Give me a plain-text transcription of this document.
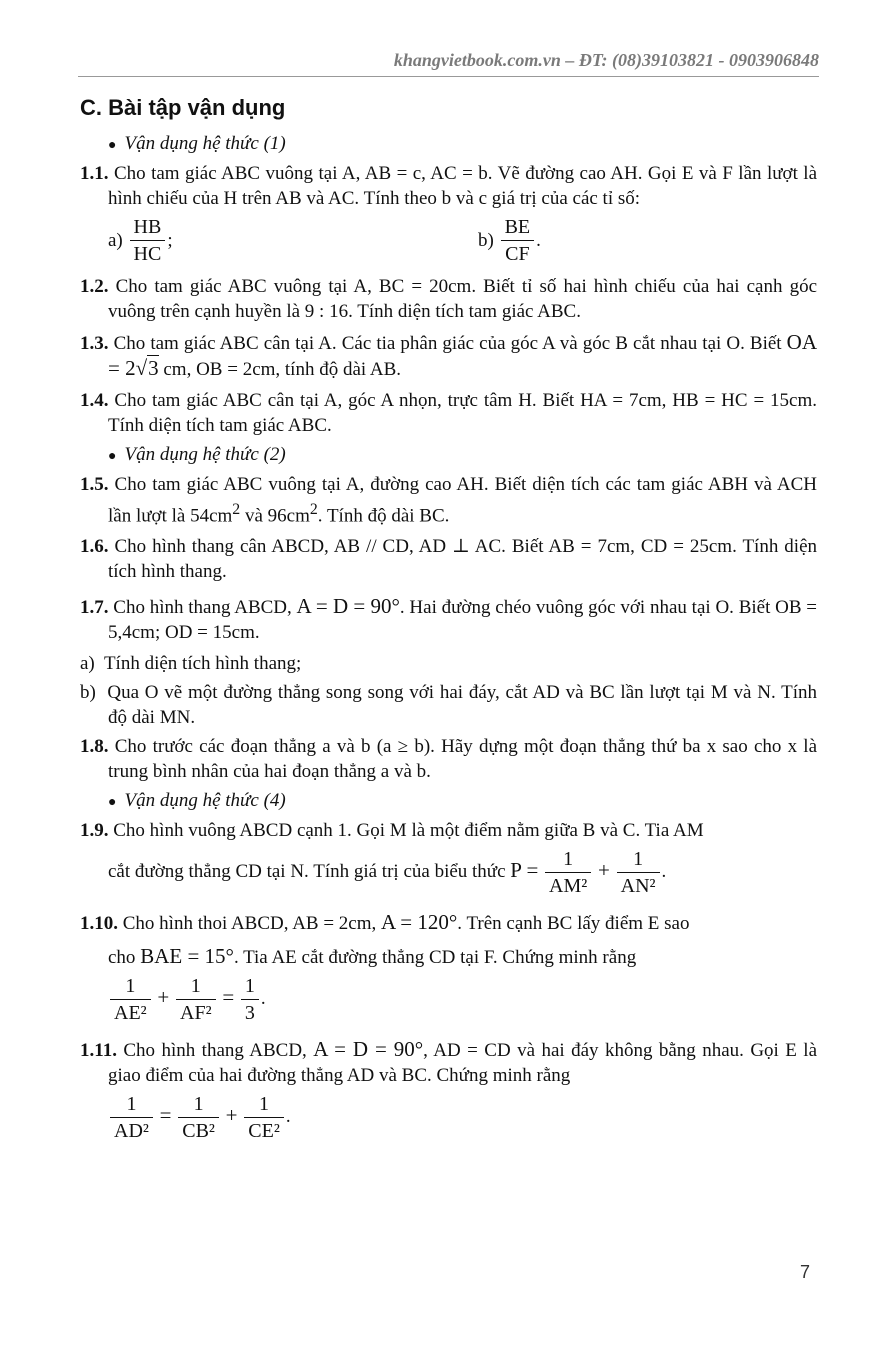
khangvietbook.com.vn – ĐT: (08)39103821 - 0903906848
C. Bài tập vận dụng
● Vận dụng hệ thức (1)
1.1. Cho tam giác ABC vuông tại A, AB = c, AC = b. Vẽ đường cao AH. Gọi E và F lần lượt là hình chiếu của H trên AB và AC. Tính theo b và c giá trị của các tỉ số:
a)
$\frac{HB}{HC}$ ;	b)
$\frac{BE}{CF}$ .
1.2. Cho tam giác ABC vuông tại A, BC = 20cm. Biết tỉ số hai hình chiếu của hai cạnh góc vuông trên cạnh huyền là 9 : 16. Tính diện tích tam giác ABC.
1.3. Cho tam giác ABC cân tại A. Các tia phân giác của góc A và góc B cắt nhau tại O. Biết OA = 2√3 cm, OB = 2cm, tính độ dài AB.
1.4. Cho tam giác ABC cân tại A, góc A nhọn, trực tâm H. Biết HA = 7cm, HB = HC = 15cm. Tính diện tích tam giác ABC.
● Vận dụng hệ thức (2)
1.5. Cho tam giác ABC vuông tại A, đường cao AH. Biết diện tích các tam giác ABH và ACH lần lượt là $54cm^2$ và $96cm^2$. Tính độ dài BC.
1.6. Cho hình thang cân ABCD, AB // CD, AD ⊥ AC. Biết AB = 7cm, CD = 25cm. Tính diện tích hình thang.
1.7. Cho hình thang ABCD, A = D = 90°. Hai đường chéo vuông góc với nhau tại O. Biết OB = 5,4cm; OD = 15cm.
a) Tính diện tích hình thang;
b) Qua O vẽ một đường thẳng song song với hai đáy, cắt AD và BC lần lượt tại M và N. Tính độ dài MN.
1.8. Cho trước các đoạn thẳng a và b (a ≥ b). Hãy dựng một đoạn thẳng thứ ba x sao cho x là trung bình nhân của hai đoạn thẳng a và b.
● Vận dụng hệ thức (4)
1.9. Cho hình vuông ABCD cạnh 1. Gọi M là một điểm nằm giữa B và C. Tia AM
cắt đường thẳng CD tại N. Tính giá trị của biểu thức $P = \frac{1}{\text{AM²}} + \frac{1}{\text{AN²}}$ .
1.10. Cho hình thoi ABCD, AB = 2cm, A = 120°. Trên cạnh BC lấy điểm E sao
cho BAE = 15°. Tia AE cắt đường thẳng CD tại F. Chứng minh rằng
$\frac{1}{\text{AE²}} + \frac{1}{\text{AF²}} = \frac{1}{3}$ .
1.11. Cho hình thang ABCD, A = D = 90°, AD = CD và hai đáy không bằng nhau. Gọi E là giao điểm của hai đường thẳng AD và BC. Chứng minh rằng
$\frac{1}{\text{AD²}} = \frac{1}{\text{CB²}} + \frac{1}{\text{CE²}}$ .
7
